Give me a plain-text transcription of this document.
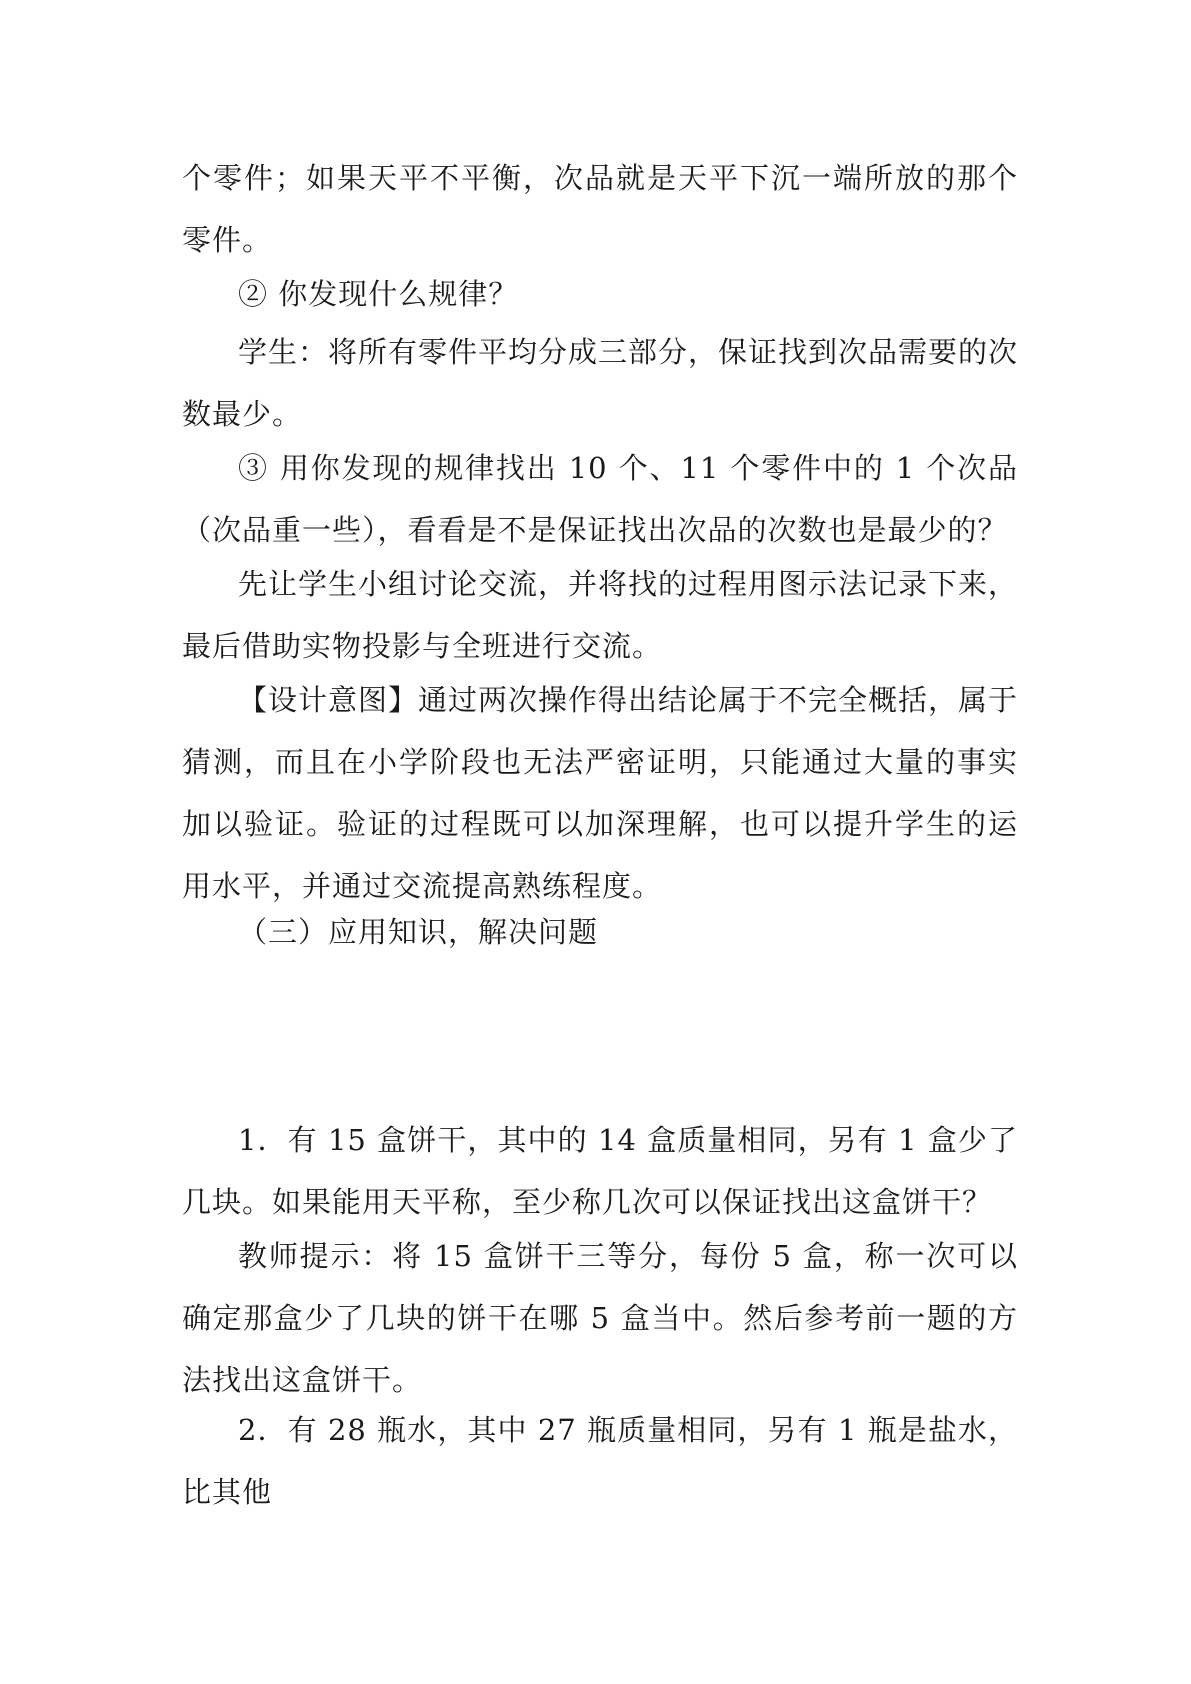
个零件；如果天平不平衡，次品就是天平下沉一端所放的那个零件。

② 你发现什么规律？

学生：将所有零件平均分成三部分，保证找到次品需要的次数最少。

③ 用你发现的规律找出 10 个、11 个零件中的 1 个次品（次品重一些），看看是不是保证找出次品的次数也是最少的？

先让学生小组讨论交流，并将找的过程用图示法记录下来，最后借助实物投影与全班进行交流。

【设计意图】通过两次操作得出结论属于不完全概括，属于猜测，而且在小学阶段也无法严密证明，只能通过大量的事实加以验证。验证的过程既可以加深理解，也可以提升学生的运用水平，并通过交流提高熟练程度。

（三）应用知识，解决问题

1．有 15 盒饼干，其中的 14 盒质量相同，另有 1 盒少了几块。如果能用天平称，至少称几次可以保证找出这盒饼干？

教师提示：将 15 盒饼干三等分，每份 5 盒，称一次可以确定那盒少了几块的饼干在哪 5 盒当中。然后参考前一题的方法找出这盒饼干。

2．有 28 瓶水，其中 27 瓶质量相同，另有 1 瓶是盐水，比其他
